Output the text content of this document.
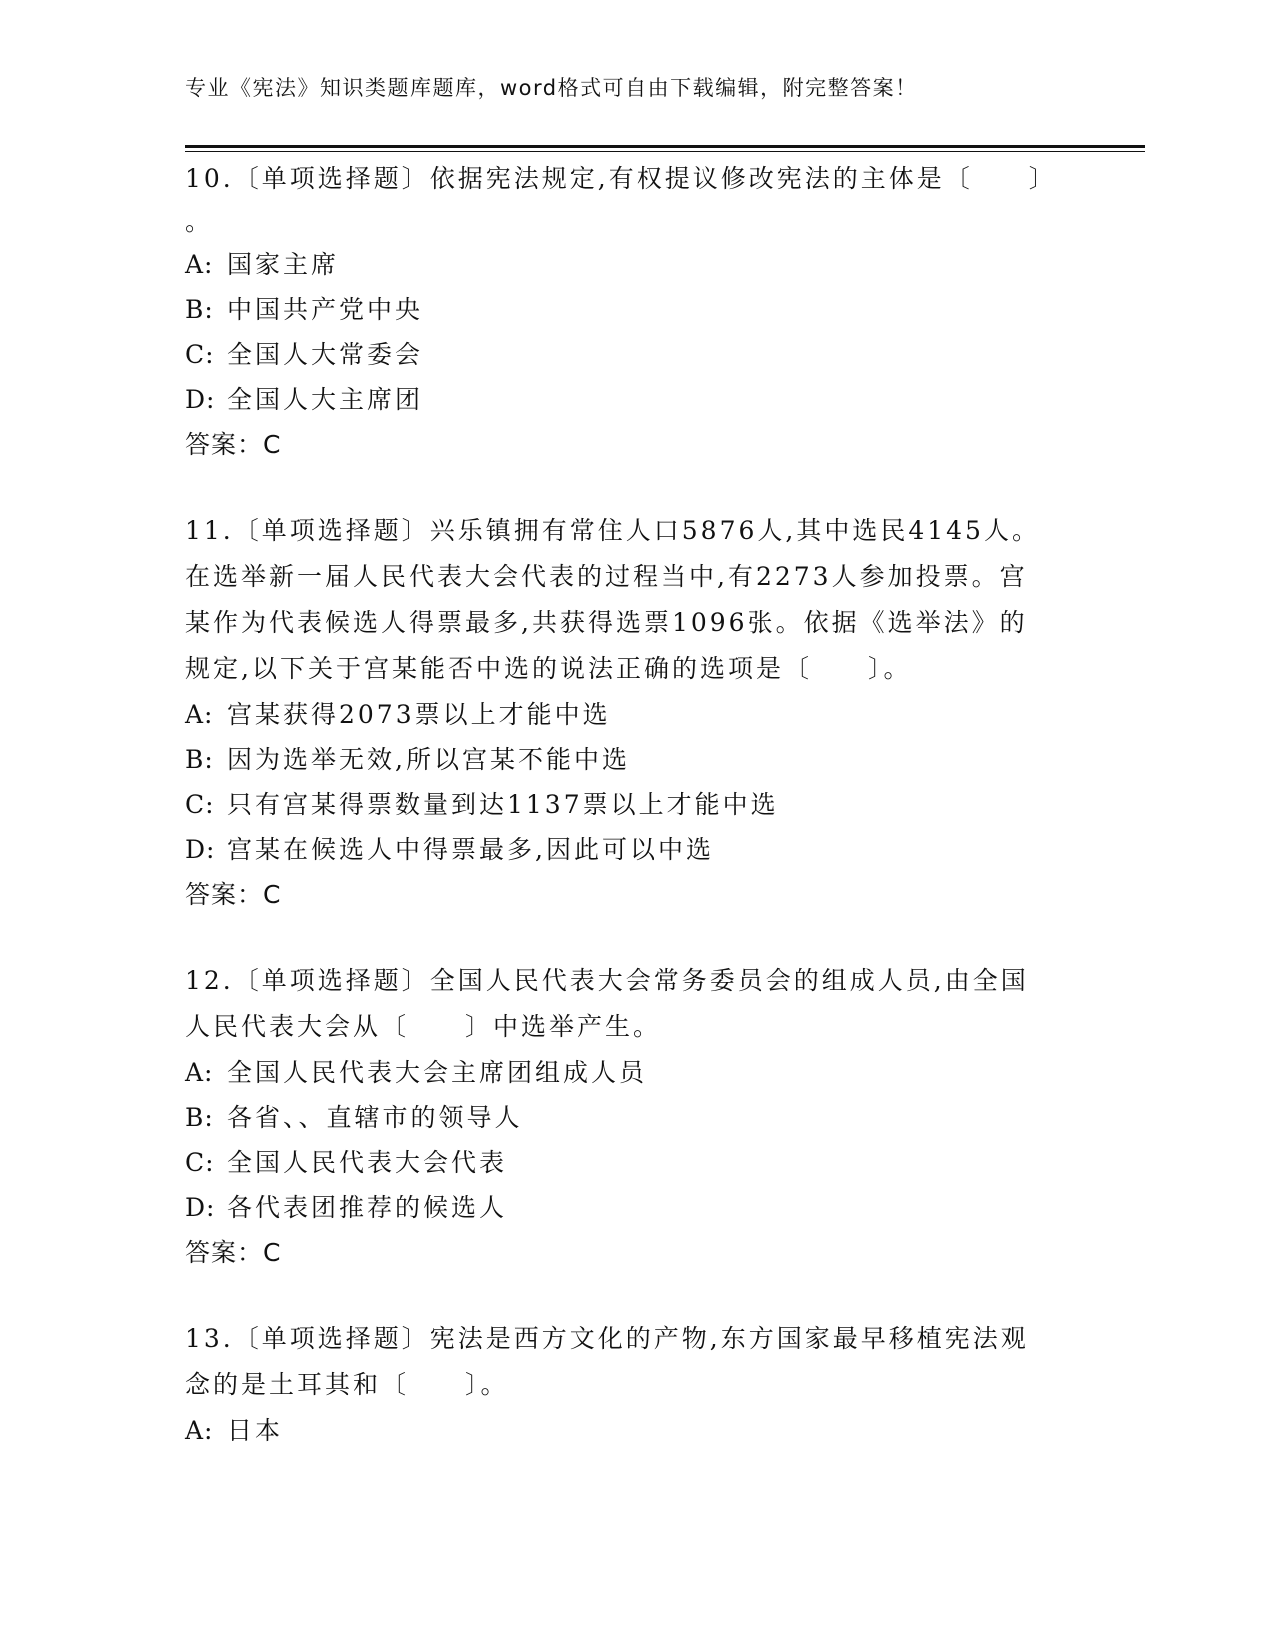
专业《宪法》知识类题库题库，word格式可自由下载编辑，附完整答案！
10.〔单项选择题〕依据宪法规定,有权提议修改宪法的主体是〔　　〕
。
A: 国家主席
B: 中国共产党中央
C: 全国人大常委会
D: 全国人大主席团
答案：C
11.〔单项选择题〕兴乐镇拥有常住人口5876人,其中选民4145人。
在选举新一届人民代表大会代表的过程当中,有2273人参加投票。宫
某作为代表候选人得票最多,共获得选票1096张。依据《选举法》的
规定,以下关于宫某能否中选的说法正确的选项是〔　　〕。
A: 宫某获得2073票以上才能中选
B: 因为选举无效,所以宫某不能中选
C: 只有宫某得票数量到达1137票以上才能中选
D: 宫某在候选人中得票最多,因此可以中选
答案：C
12.〔单项选择题〕全国人民代表大会常务委员会的组成人员,由全国
人民代表大会从〔　　〕中选举产生。
A: 全国人民代表大会主席团组成人员
B: 各省、、直辖市的领导人
C: 全国人民代表大会代表
D: 各代表团推荐的候选人
答案：C
13.〔单项选择题〕宪法是西方文化的产物,东方国家最早移植宪法观
念的是土耳其和〔　　〕。
A: 日本
